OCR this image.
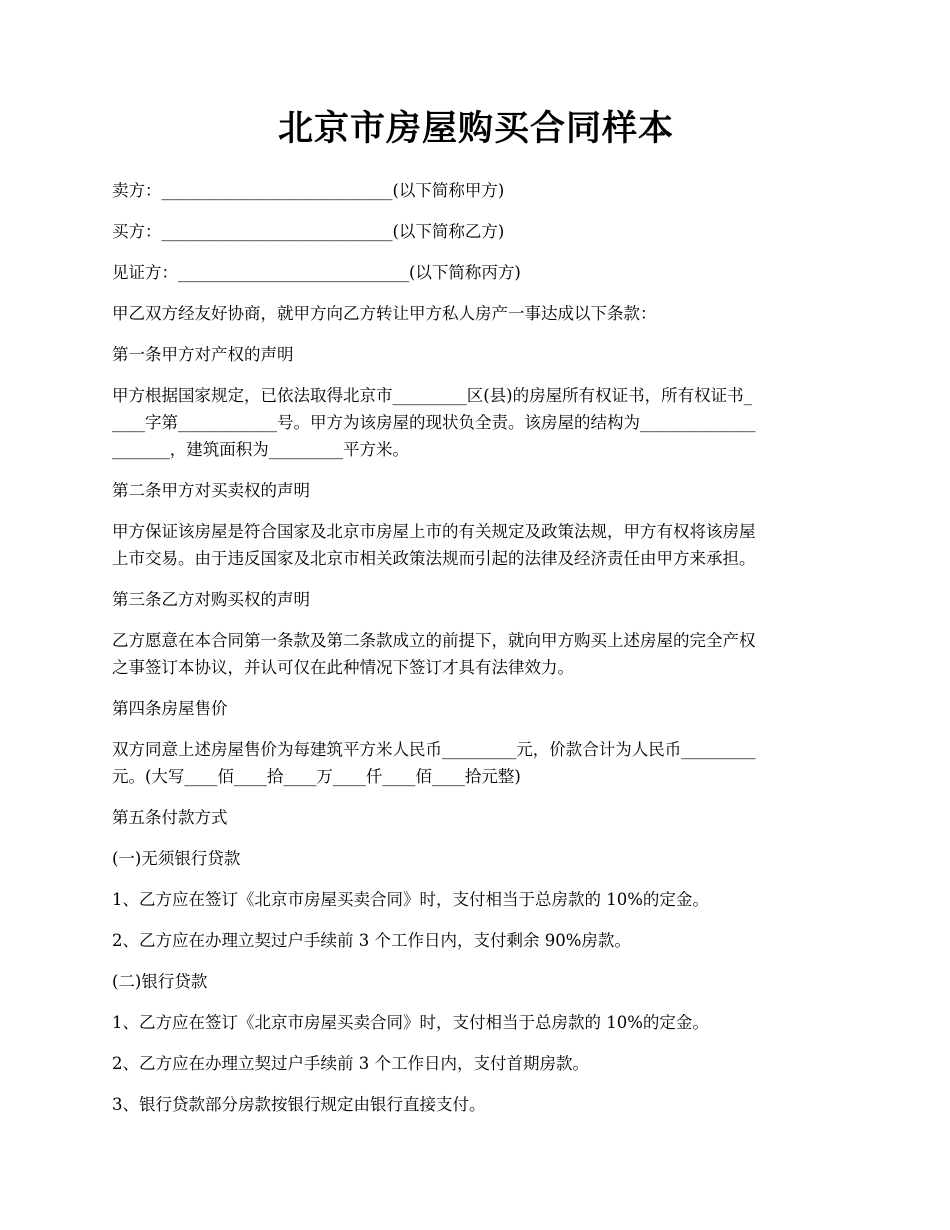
北京市房屋购买合同样本

卖方：____________________________(以下简称甲方)

买方：____________________________(以下简称乙方)

见证方：____________________________(以下简称丙方)

甲乙双方经友好协商，就甲方向乙方转让甲方私人房产一事达成以下条款：

第一条甲方对产权的声明

甲方根据国家规定，已依法取得北京市_________区(县)的房屋所有权证书，所有权证书_
____字第____________号。甲方为该房屋的现状负全责。该房屋的结构为______________
_______，建筑面积为_________平方米。

第二条甲方对买卖权的声明

甲方保证该房屋是符合国家及北京市房屋上市的有关规定及政策法规，甲方有权将该房屋
上市交易。由于违反国家及北京市相关政策法规而引起的法律及经济责任由甲方来承担。

第三条乙方对购买权的声明

乙方愿意在本合同第一条款及第二条款成立的前提下，就向甲方购买上述房屋的完全产权
之事签订本协议，并认可仅在此种情况下签订才具有法律效力。

第四条房屋售价

双方同意上述房屋售价为每建筑平方米人民币_________元，价款合计为人民币_________
元。(大写____佰____拾____万____仟____佰____拾元整)

第五条付款方式

(一)无须银行贷款

1、乙方应在签订《北京市房屋买卖合同》时，支付相当于总房款的 10%的定金。

2、乙方应在办理立契过户手续前 3 个工作日内，支付剩余 90%房款。

(二)银行贷款

1、乙方应在签订《北京市房屋买卖合同》时，支付相当于总房款的 10%的定金。

2、乙方应在办理立契过户手续前 3 个工作日内，支付首期房款。

3、银行贷款部分房款按银行规定由银行直接支付。
